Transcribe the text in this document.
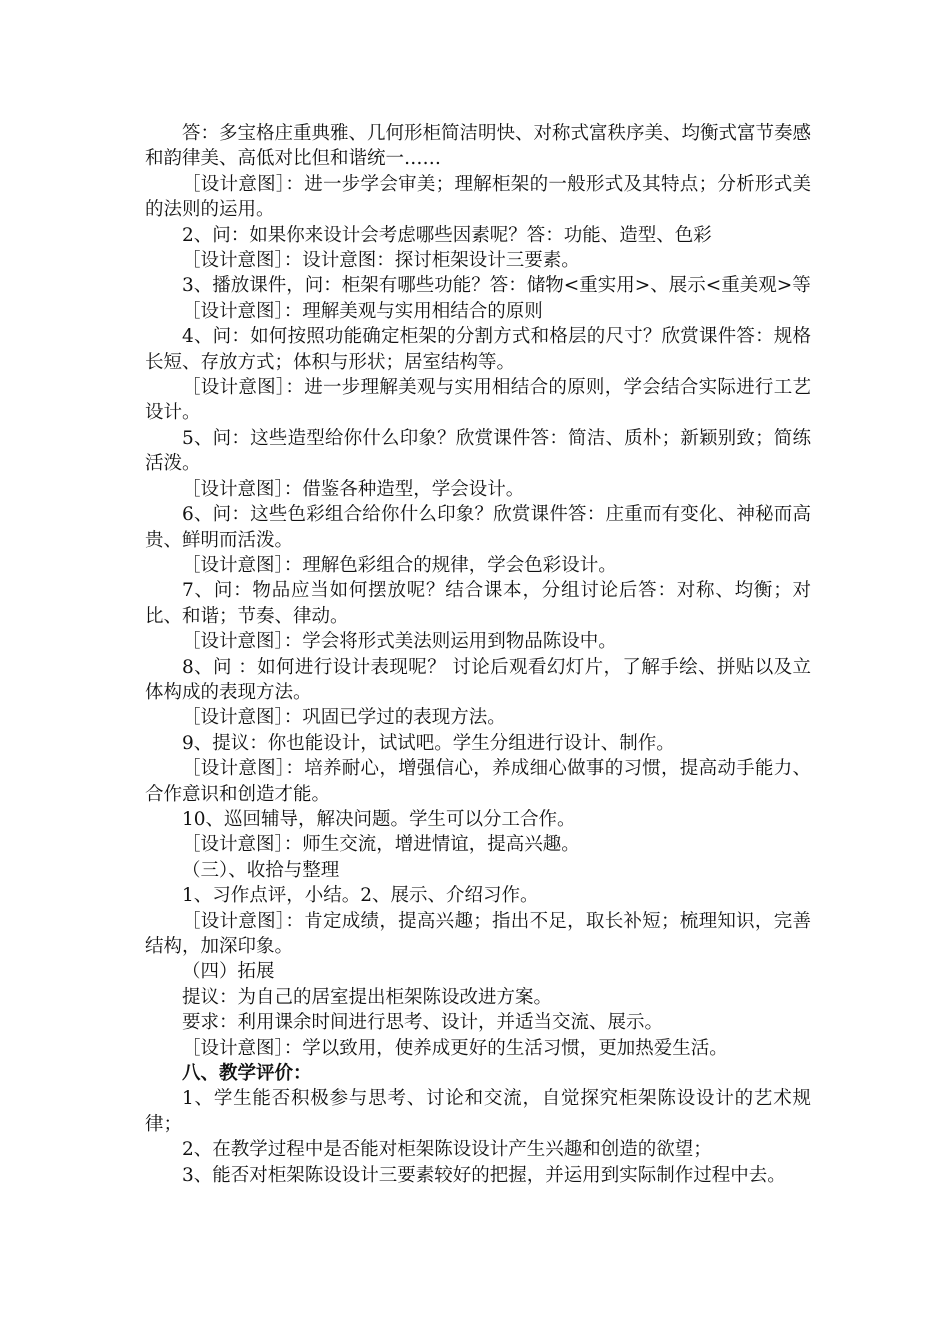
答：多宝格庄重典雅、几何形柜简洁明快、对称式富秩序美、均衡式富节奏感和韵律美、高低对比但和谐统一……

［设计意图］：进一步学会审美；理解柜架的一般形式及其特点；分析形式美的法则的运用。

2、问：如果你来设计会考虑哪些因素呢？答：功能、造型、色彩

［设计意图］：设计意图：探讨柜架设计三要素。

3、播放课件，问：柜架有哪些功能？答：储物<重实用>、展示<重美观>等

［设计意图］：理解美观与实用相结合的原则

4、问：如何按照功能确定柜架的分割方式和格层的尺寸？欣赏课件答：规格长短、存放方式；体积与形状；居室结构等。

［设计意图］：进一步理解美观与实用相结合的原则，学会结合实际进行工艺设计。

5、问：这些造型给你什么印象？欣赏课件答：简洁、质朴；新颖别致；简练活泼。

［设计意图］：借鉴各种造型，学会设计。

6、问：这些色彩组合给你什么印象？欣赏课件答：庄重而有变化、神秘而高贵、鲜明而活泼。

［设计意图］：理解色彩组合的规律，学会色彩设计。

7、问：物品应当如何摆放呢？结合课本，分组讨论后答：对称、均衡；对比、和谐；节奏、律动。

［设计意图］：学会将形式美法则运用到物品陈设中。

8、问 ：如何进行设计表现呢？ 讨论后观看幻灯片，了解手绘、拼贴以及立体构成的表现方法。

［设计意图］：巩固已学过的表现方法。

9、提议：你也能设计，试试吧。学生分组进行设计、制作。

［设计意图］：培养耐心，增强信心，养成细心做事的习惯，提高动手能力、合作意识和创造才能。

10、巡回辅导，解决问题。学生可以分工合作。

［设计意图］：师生交流，增进情谊，提高兴趣。

（三）、收拾与整理

1、习作点评，小结。2、展示、介绍习作。

［设计意图］：肯定成绩，提高兴趣；指出不足，取长补短；梳理知识，完善结构，加深印象。

（四）拓展

提议：为自己的居室提出柜架陈设改进方案。

要求：利用课余时间进行思考、设计，并适当交流、展示。

［设计意图］：学以致用，使养成更好的生活习惯，更加热爱生活。

八、教学评价：

1、学生能否积极参与思考、讨论和交流，自觉探究柜架陈设设计的艺术规律；

2、在教学过程中是否能对柜架陈设设计产生兴趣和创造的欲望；

3、能否对柜架陈设设计三要素较好的把握，并运用到实际制作过程中去。
